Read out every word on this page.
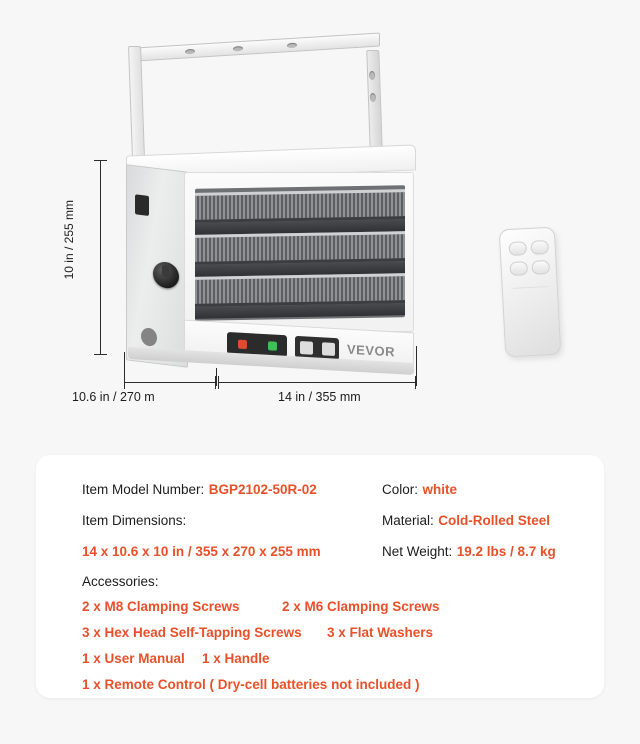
VEVOR
10 in / 255 mm
10.6 in / 270 m	14 in / 355 mm
Item Model Number: BGP2102-50R-02	Color: white
Item Dimensions:	Material: Cold-Rolled Steel
14 x 10.6 x 10 in / 355 x 270 x 255 mm	Net Weight: 19.2 lbs / 8.7 kg
Accessories:
2 x M8 Clamping Screws	2 x M6 Clamping Screws
3 x Hex Head Self-Tapping Screws	3 x Flat Washers
1 x User Manual	1 x Handle
1 x Remote Control ( Dry-cell batteries not included )
